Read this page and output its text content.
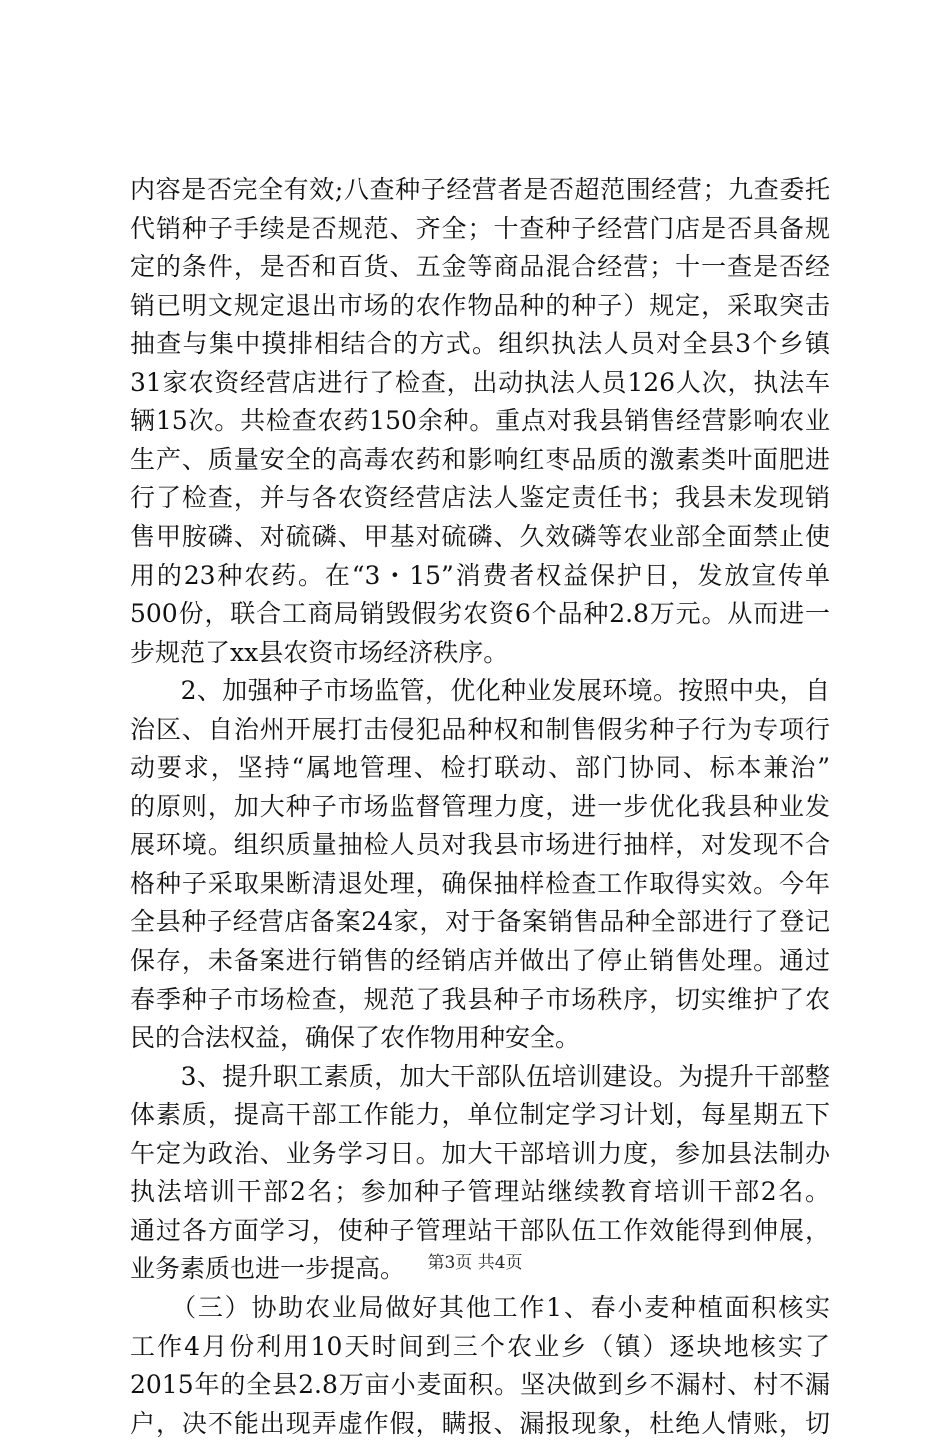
内容是否完全有效;八查种子经营者是否超范围经营；九查委托
代销种子手续是否规范、齐全；十查种子经营门店是否具备规
定的条件，是否和百货、五金等商品混合经营；十一查是否经
销已明文规定退出市场的农作物品种的种子）规定，采取突击
抽查与集中摸排相结合的方式。组织执法人员对全县3个乡镇
31家农资经营店进行了检查，出动执法人员126人次，执法车
辆15次。共检查农药150余种。重点对我县销售经营影响农业
生产、质量安全的高毒农药和影响红枣品质的激素类叶面肥进
行了检查，并与各农资经营店法人鉴定责任书；我县未发现销
售甲胺磷、对硫磷、甲基对硫磷、久效磷等农业部全面禁止使
用的23种农药。在“3・15”消费者权益保护日，发放宣传单
500份，联合工商局销毁假劣农资6个品种2.8万元。从而进一
步规范了xx县农资市场经济秩序。
　　2、加强种子市场监管，优化种业发展环境。按照中央，自
治区、自治州开展打击侵犯品种权和制售假劣种子行为专项行
动要求，坚持“属地管理、检打联动、部门协同、标本兼治”
的原则，加大种子市场监督管理力度，进一步优化我县种业发
展环境。组织质量抽检人员对我县市场进行抽样，对发现不合
格种子采取果断清退处理，确保抽样检查工作取得实效。今年
全县种子经营店备案24家，对于备案销售品种全部进行了登记
保存，未备案进行销售的经销店并做出了停止销售处理。通过
春季种子市场检查，规范了我县种子市场秩序，切实维护了农
民的合法权益，确保了农作物用种安全。
　　3、提升职工素质，加大干部队伍培训建设。为提升干部整
体素质，提高干部工作能力，单位制定学习计划，每星期五下
午定为政治、业务学习日。加大干部培训力度，参加县法制办
执法培训干部2名；参加种子管理站继续教育培训干部2名。
通过各方面学习，使种子管理站干部队伍工作效能得到伸展，
业务素质也进一步提高。
　　（三）协助农业局做好其他工作1、春小麦种植面积核实
工作4月份利用10天时间到三个农业乡（镇）逐块地核实了
2015年的全县2.8万亩小麦面积。坚决做到乡不漏村、村不漏
户，决不能出现弄虚作假，瞒报、漏报现象，杜绝人情账，切
第3页 共4页
